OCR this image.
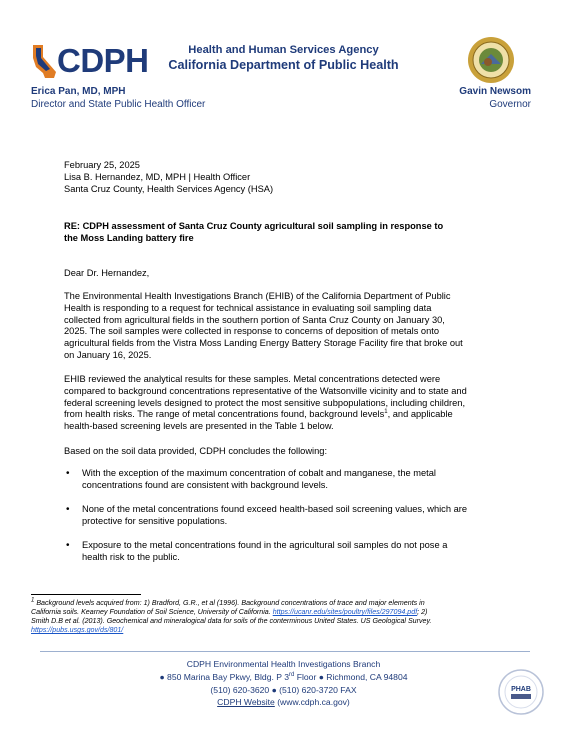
CDPH	Health and Human Services Agency
California Department of Public Health
Erica Pan, MD, MPH
Director and State Public Health Officer
Gavin Newsom
Governor
February 25, 2025
Lisa B. Hernandez, MD, MPH | Health Officer
Santa Cruz County, Health Services Agency (HSA)
RE: CDPH assessment of Santa Cruz County agricultural soil sampling in response to
the Moss Landing battery fire
Dear Dr. Hernandez,
The Environmental Health Investigations Branch (EHIB) of the California Department of Public
Health is responding to a request for technical assistance in evaluating soil sampling data
collected from agricultural fields in the southern portion of Santa Cruz County on January 30,
2025. The soil samples were collected in response to concerns of deposition of metals onto
agricultural fields from the Vistra Moss Landing Energy Battery Storage Facility fire that broke out
on January 16, 2025.
EHIB reviewed the analytical results for these samples. Metal concentrations detected were
compared to background concentrations representative of the Watsonville vicinity and to state and
federal screening levels designed to protect the most sensitive subpopulations, including children,
from health risks. The range of metal concentrations found, background levels$^1$, and applicable
health-based screening levels are presented in the Table 1 below.
Based on the soil data provided, CDPH concludes the following:
• With the exception of the maximum concentration of cobalt and manganese, the metal
concentrations found are consistent with background levels.
• None of the metal concentrations found exceed health-based soil screening values, which are
protective for sensitive populations.
• Exposure to the metal concentrations found in the agricultural soil samples do not pose a
health risk to the public.
$^1$ Background levels acquired from: 1) Bradford, G.R., et al (1996). Background concentrations of trace and major elements in
California soils. Kearney Foundation of Soil Science, University of California. https://ucanr.edu/sites/poultry/files/297094.pdf; 2)
Smith D.B et al. (2013). Geochemical and mineralogical data for soils of the conterminous United States. US Geological Survey.
https://pubs.usgs.gov/ds/801/
CDPH Environmental Health Investigations Branch
● 850 Marina Bay Pkwy, Bldg. P 3rd Floor ● Richmond, CA 94804
(510) 620-3620 ● (510) 620-3720 FAX
CDPH Website (www.cdph.ca.gov)
PHAB
